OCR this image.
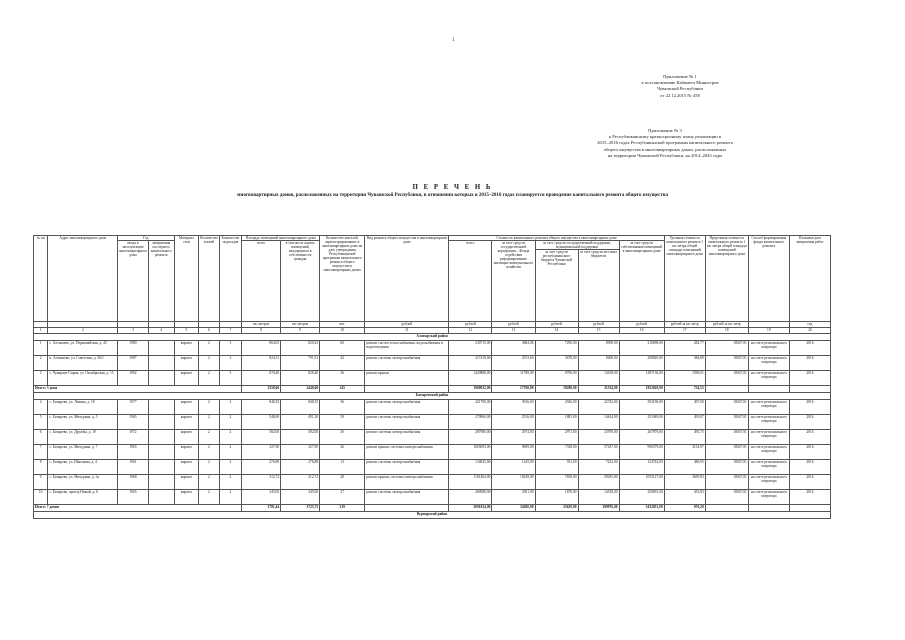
1
Приложение № 1
к постановлению Кабинета Министров
Чувашской Республики
от 22.12.2015 № 458
Приложение № 3
к Республиканскому краткосрочному плану реализации в
2015–2016 годах Республиканской программы капитального ремонта
общего имущества в многоквартирных домах, расположенных
на территории Чувашской Республики, на 2014–2043 годы
П Е Р Е Ч Е Н Ь
многоквартирных домов, расположенных на территории Чувашской Республики, в отношении которых в 2015–2016 годах планируется проведение капитального ремонта общего имущества
№ пп	Адрес многоквартирного дома	Год		Материал стен	Количество этажей	Количество подъездов	Площадь помещений многоквартирного дома		Количество жителей, зарегистрированных в многоквартирном доме на дату утверждения Республиканской программы капитального ремонта общего имущества в многоквартирных домах	Вид ремонта общего имущества в многоквартирном доме	Стоимость капитального ремонта общего имущества в многоквартирном доме					Удельная стоимость капитального ремонта 1 кв. метра общей площади помещений многоквартирного дома	Предельная стоимость капитального ремонта 1 кв. метра общей площади помещений многоквартирного дома	Способ формирования фонда капитального ремонта	Плановая дата завершения работ
		ввода в эксплуатацию многоквартирного дома	завершения последнего капитального ремонта				всего	в том числе жилых помещений, находящихся в собственности граждан			всего	за счет средств государственной корпорации – Фонда содействия реформированию жилищно-коммунального хозяйства	за счет средств государственной поддержки, муниципальной поддержки		за счет средств собственников помещений в многоквартирном доме				
													за счет средств республиканского бюджета Чувашской Республики	за счет средств местных бюджетов					
							кв. метров	кв. метров	чел.	рублей	рублей	рублей	рублей	рублей	рублей	рублей за кв. метр	рублей за кв. метр		год
1	2	3	4	5	6	7	8	9	10	11	12	13	14	15	16	17	18	19	20
Алатырский район																			
1	с. Алтышево, ул. Первомайская, д. 45	1980		кирпич	2	3	864,05	820,25	60	ремонт систем теплоснабжения, водоснабжения и водоотведения	230715,00	3684,06	7296,00	8958,00	210698,00	282,77	18047,81	на счете регионального оператора	2016
2	п. Алтышево, ул. Советская, д. 36/1	1987		кирпич	2	3	824,31	791,91	42	ремонт системы электроснабжения	317419,00	2913,60	3678,00	8408,00	298820,00	384,89	18047,81	на счете регионального оператора	2016
3	с. Чуварлеи-Сирма, ул. Октябрьская, д. 15	1982		кирпич	2	3	870,40	828,40	36	ремонт крыши	1420888,00	11788,00	8796,00	14168,00	1387136,00	1596,01	18047,81	на счете регионального оператора	2016
Итого: 3 дома							2558,66	2440,66	145		1969032,00	17760,00	18280,00	31534,00	1822020,00	734,55			
Батыревский район																			
4	с. Батырево, ул. Ленина, д. 18	1977		кирпич	2	3	848,35	848,35	36	ремонт системы электроснабжения	421780,00	3916,00	2926,00	22742,00	392196,00	497,00	18047,81	на счете регионального оператора	2016
5	с. Батырево, ул. Мичурина, д. 5	1965		кирпич	2	2	548,69	491,30	39	ремонт системы электроснабжения	270960,00	2516,00	1881,00	14614,00	251949,00	493,87	18047,81	на счете регионального оператора	2016
6	с. Батырево, ул. Дружбы, д. 19	1972		кирпич	2	2	582,00	582,00	30	ремонт системы электроснабжения	287980,00	2974,00	2971,00	23978,00	267879,00	495,75	18047,81	на счете регионального оператора	2016
7	с. Батырево, ул. Мичурина, д. 7	1965		кирпич	2	2	327,90	327,90	26	ремонт крыши, системы электроснабжения	1065093,00	9699,00	7338,00	57437,00	990379,00	3154,97	18047,81	на счете регионального оператора	2016
8	с. Батырево, ул. Школьная, д. 4	1961		кирпич	2	2	276,88	276,88	13	ремонт системы электроснабжения	134825,00	1245,00	931,00	7232,00	124742,00	486,95	18047,81	на счете регионального оператора	2016
9	с. Батырево, ул. Мичурина, д. 3а	1968		кирпич	2	2	312,72	312,72	28	ремонт крыши, системы электроснабжения	1161464,00	10238,00	7658,00	59455,00	1055127,00	3659,83	18047,81	на счете регионального оператора	2016
10	с. Батырево, проезд Новый, д. 6	1965		кирпич	2	2	345,00	345,00	27	ремонт системы электроснабжения	269580,00	2501,00	1870,00	14518,00	250691,00	433,83	18047,81	на счете регионального оператора	2016
Итого: 7 домов							3781,44	3725,75	219		3691634,00	34280,00	25629,00	199976,00	3432051,00	976,20			
Вурнарский район																			
